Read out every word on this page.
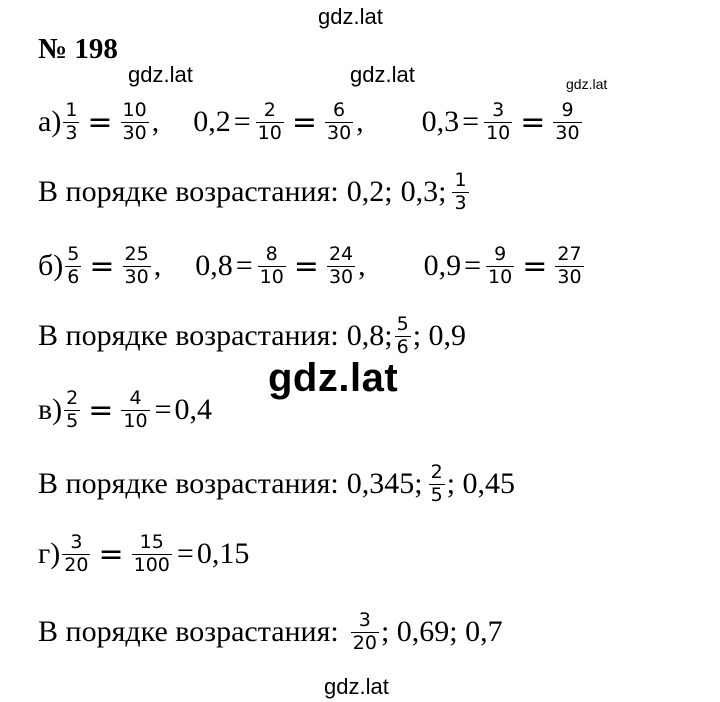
gdz.lat
gdz.lat	gdz.lat	gdz.lat
gdz.lat
gdz.lat
№ 198
$а) \frac{1}{3} = \frac{10}{30}$ , $0,2 = \frac{2}{10} = \frac{6}{30}$ , $0,3 = \frac{3}{10} = \frac{9}{30}$
В порядке возрастания: 0,2; 0,3; $\frac{1}{3}$
$б) \frac{5}{6} = \frac{25}{30}$ , $0,8 = \frac{8}{10} = \frac{24}{30}$ , $0,9 = \frac{9}{10} = \frac{27}{30}$
В порядке возрастания: 0,8; $\frac{5}{6}$ ; 0,9
$в) \frac{2}{5} = \frac{4}{10} = 0,4$
В порядке возрастания: 0,345; $\frac{2}{5}$ ; 0,45
$г) \frac{3}{20} = \frac{15}{100} = 0,15$
В порядке возрастания: $\frac{3}{20}$ ; 0,69; 0,7
